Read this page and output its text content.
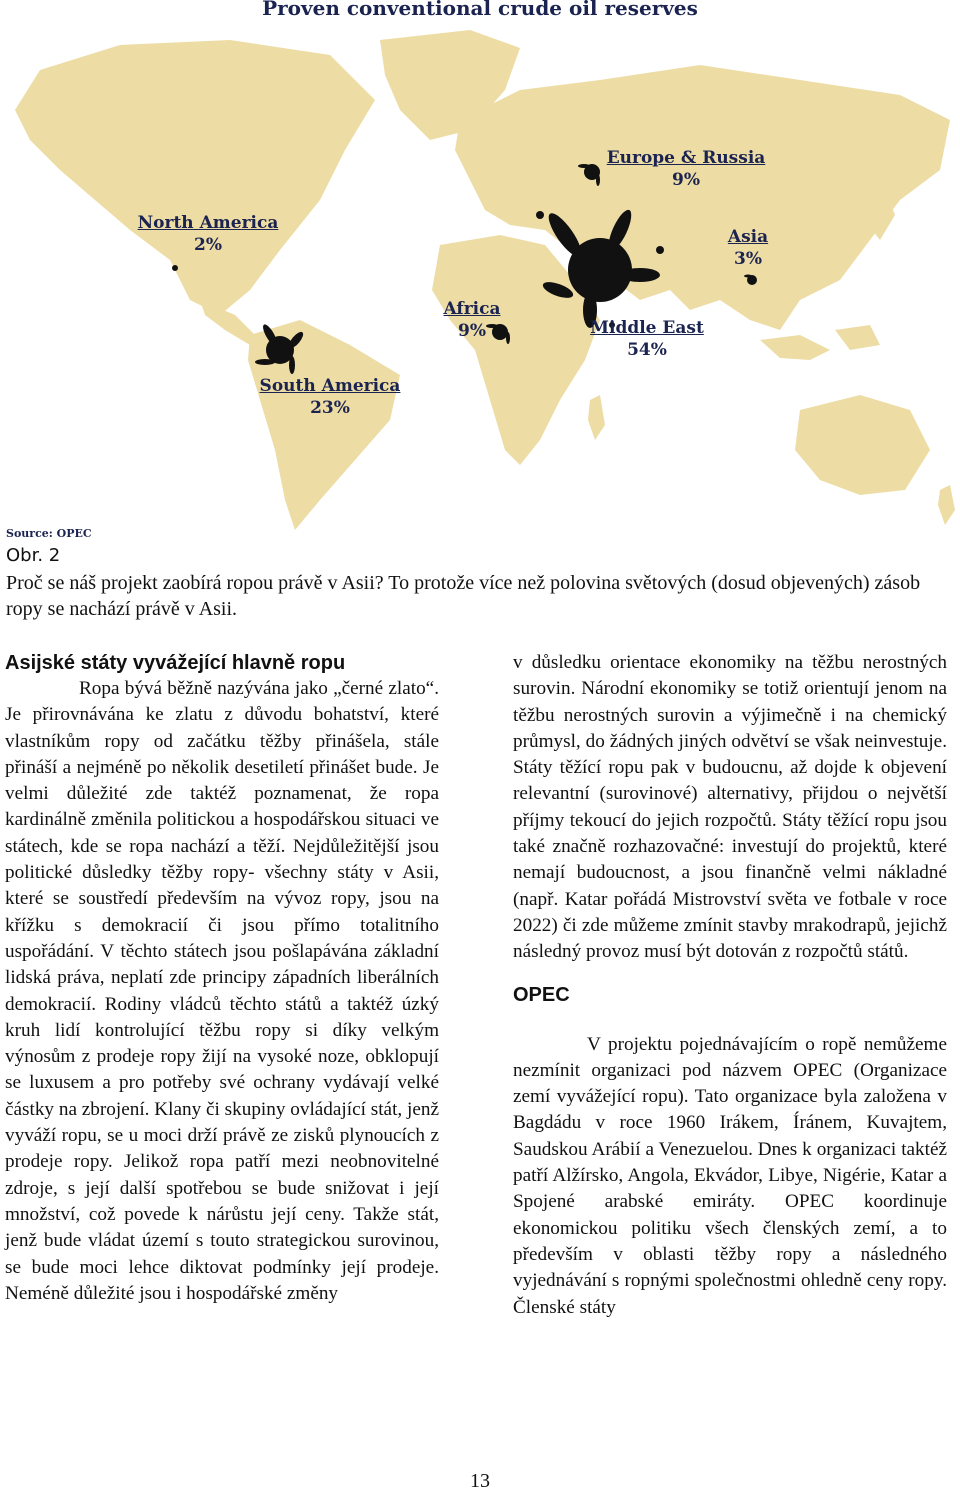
Proven conventional crude oil reserves
North America
2%
Europe & Russia
9%
Asia
3%
Africa
9%	Middle East
54%
South America
23%
Source: OPEC
Obr. 2
Proč se náš projekt zaobírá ropou právě v Asii? To protože více než polovina světových (dosud objevených) zásob ropy se nachází právě v Asii.
Asijské státy vyvážející hlavně ropu

Ropa bývá běžně nazývána jako „černé zlato“. Je přirovnávána ke zlatu z důvodu bohatství, které vlastníkům ropy od začátku těžby přinášela, stále přináší a nejméně po několik desetiletí přinášet bude. Je velmi důležité zde taktéž poznamenat, že ropa kardinálně změnila politickou a hospodářskou situaci ve státech, kde se ropa nachází a těží. Nejdůležitější jsou politické důsledky těžby ropy- všechny státy v Asii, které se soustředí především na vývoz ropy, jsou na křížku s demokracií či jsou přímo totalitního uspořádání. V těchto státech jsou pošlapávána základní lidská práva, neplatí zde principy západních liberálních demokracií. Rodiny vládců těchto států a taktéž úzký kruh lidí kontrolující těžbu ropy si díky velkým výnosům z prodeje ropy žijí na vysoké noze, obklopují se luxusem a pro potřeby své ochrany vydávají velké částky na zbrojení. Klany či skupiny ovládající stát, jenž vyváží ropu, se u moci drží právě ze zisků plynoucích z prodeje ropy. Jelikož ropa patří mezi neobnovitelné zdroje, s její další spotřebou se bude snižovat i její množství, což povede k nárůstu její ceny. Takže stát, jenž bude vládat území s touto strategickou surovinou, se bude moci lehce diktovat podmínky její prodeje. Neméně důležité jsou i hospodářské změny

v důsledku orientace ekonomiky na těžbu nerostných surovin. Národní ekonomiky se totiž orientují jenom na těžbu nerostných surovin a výjimečně i na chemický průmysl, do žádných jiných odvětví se však neinvestuje. Státy těžící ropu pak v budoucnu, až dojde k objevení relevantní (surovinové) alternativy, přijdou o největší příjmy tekoucí do jejich rozpočtů. Státy těžící ropu jsou také značně rozhazovačné: investují do projektů, které nemají budoucnost, a jsou finančně velmi nákladné (např. Katar pořádá Mistrovství světa ve fotbale v roce 2022) či zde můžeme zmínit stavby mrakodrapů, jejichž následný provoz musí být dotován z rozpočtů států.

OPEC

V projektu pojednávajícím o ropě nemůžeme nezmínit organizaci pod názvem OPEC (Organizace zemí vyvážející ropu). Tato organizace byla založena v Bagdádu v roce 1960 Irákem, Íránem, Kuvajtem, Saudskou Arábií a Venezuelou. Dnes k organizaci taktéž patří Alžírsko, Angola, Ekvádor, Libye, Nigérie, Katar a Spojené arabské emiráty. OPEC koordinuje ekonomickou politiku všech členských zemí, a to především v oblasti těžby ropy a následného vyjednávání s ropnými společnostmi ohledně ceny ropy. Členské státy

13
